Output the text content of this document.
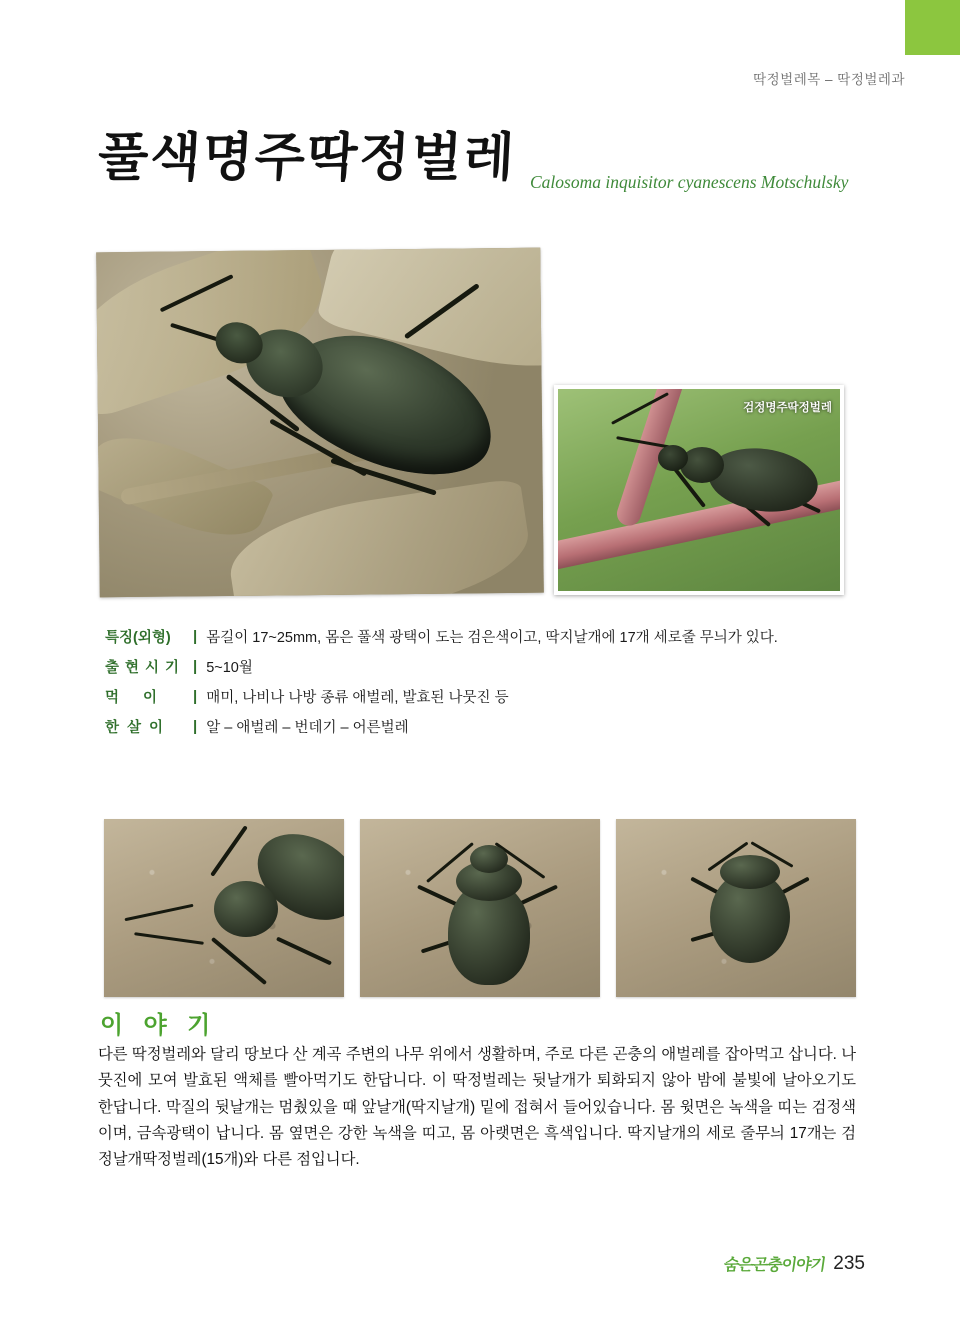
딱정벌레목 – 딱정벌레과
풀색명주딱정벌레 Calosoma inquisitor cyanescens Motschulsky
검정명주딱정벌레
특징(외형)	| 몸길이 17~25mm, 몸은 풀색 광택이 도는 검은색이고, 딱지날개에 17개 세로줄 무늬가 있다.
출현시기 | 5~10월
먹이 | 매미, 나비나 나방 종류 애벌레, 발효된 나뭇진 등
한살이	| 알 – 애벌레 – 번데기 – 어른벌레
이 야 기
다른 딱정벌레와 달리 땅보다 산 계곡 주변의 나무 위에서 생활하며, 주로 다른 곤충의 애벌레를 잡아먹고 삽니다. 나뭇진에 모여 발효된 액체를 빨아먹기도 한답니다. 이 딱정벌레는 뒷날개가 퇴화되지 않아 밤에 불빛에 날아오기도 한답니다. 막질의 뒷날개는 멈췄있을 때 앞날개(딱지날개) 밑에 접혀서 들어있습니다. 몸 윗면은 녹색을 띠는 검정색이며, 금속광택이 납니다. 몸 옆면은 강한 녹색을 띠고, 몸 아랫면은 흑색입니다. 딱지날개의 세로 줄무늬 17개는 검정날개딱정벌레(15개)와 다른 점입니다.
숨은곤충이야기 235
